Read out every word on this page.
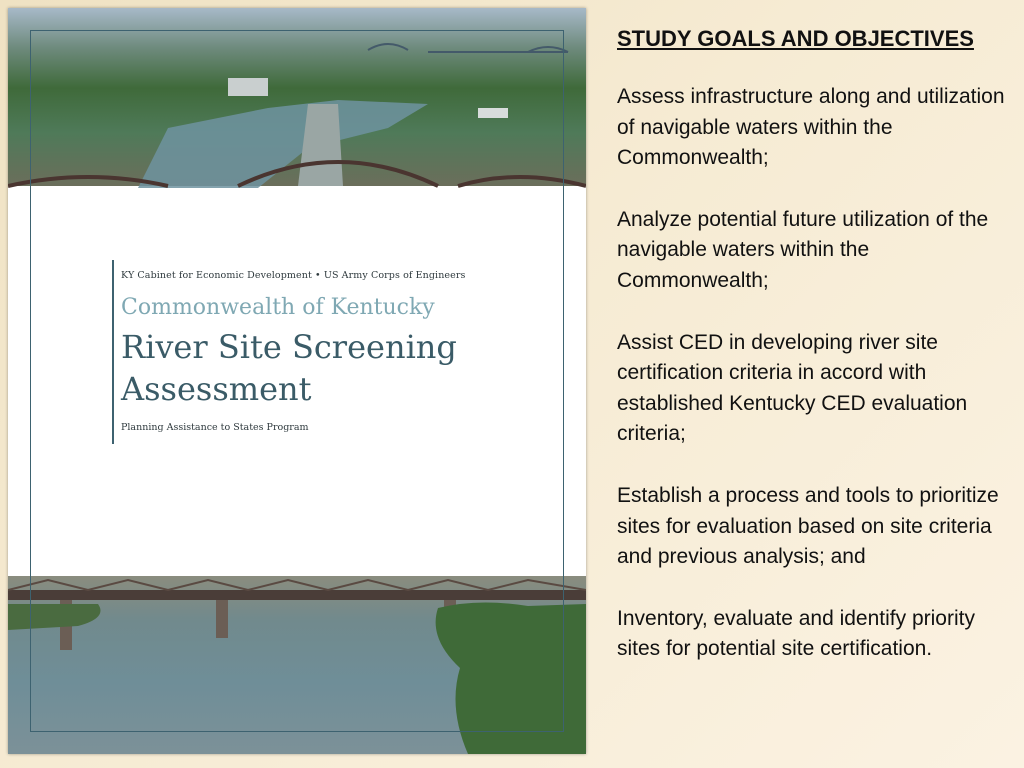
KY Cabinet for Economic Development • US Army Corps of Engineers
Commonwealth of Kentucky
River Site Screening
Assessment
Planning Assistance to States Program
STUDY GOALS AND OBJECTIVES

Assess infrastructure along and utilization of navigable waters within the Commonwealth;

Analyze potential future utilization of the navigable waters within the Commonwealth;

Assist CED in developing river site certification criteria in accord with established Kentucky CED evaluation criteria;

Establish a process and tools to prioritize sites for evaluation based on site criteria and previous analysis; and

Inventory, evaluate and identify priority sites for potential site certification.
